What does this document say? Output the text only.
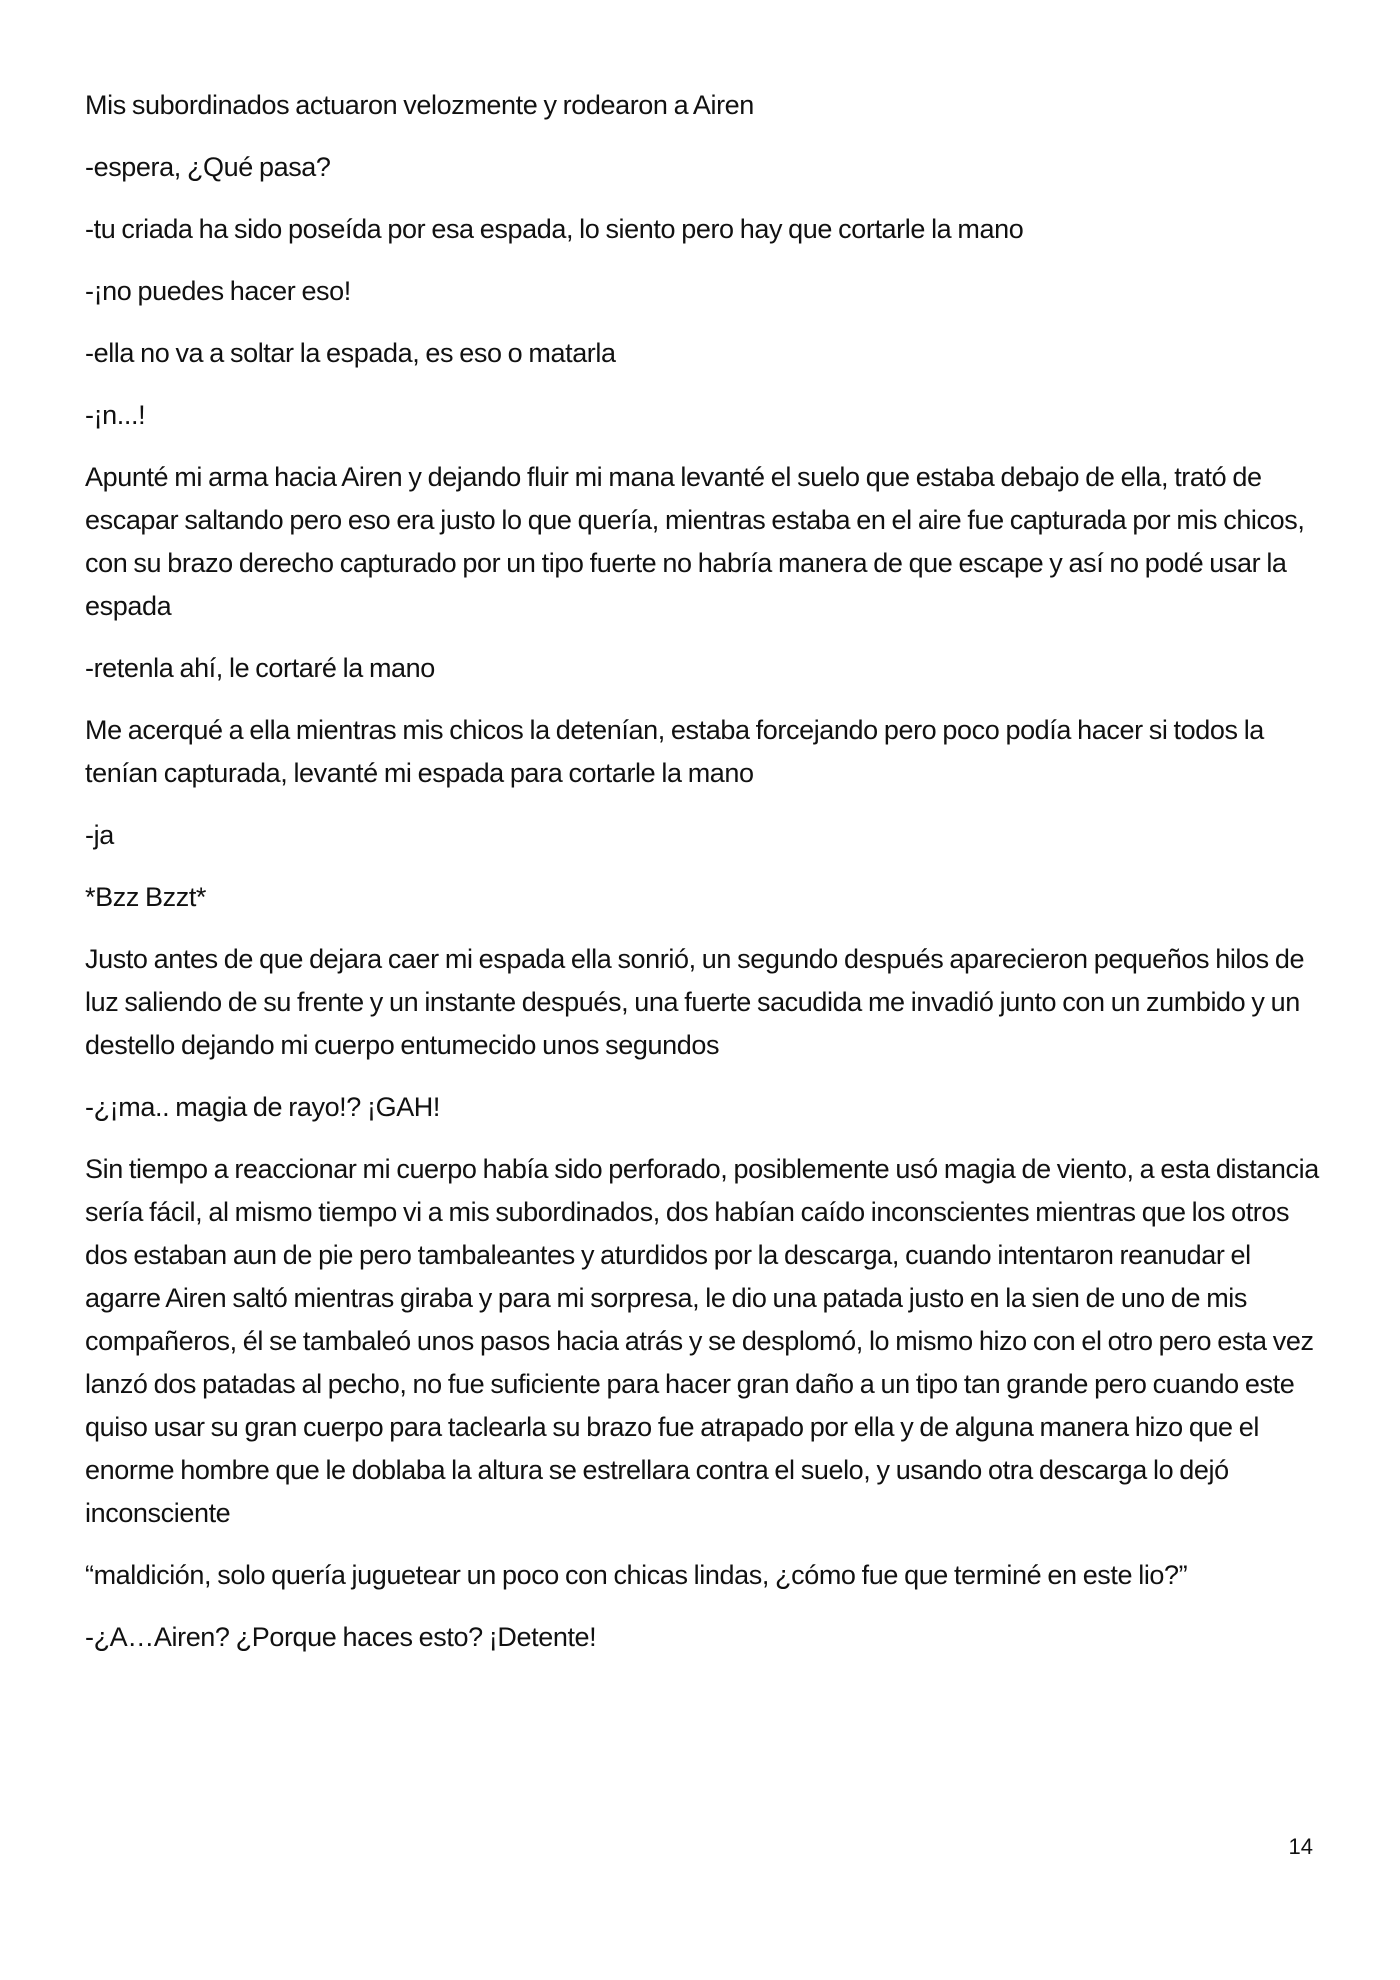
Mis subordinados actuaron velozmente y rodearon a Airen

-espera, ¿Qué pasa?

-tu criada ha sido poseída por esa espada, lo siento pero hay que cortarle la mano

-¡no puedes hacer eso!

-ella no va a soltar la espada, es eso o matarla

-¡n...!

Apunté mi arma hacia Airen y dejando fluir mi mana levanté el suelo que estaba debajo de ella, trató de escapar saltando pero eso era justo lo que quería, mientras estaba en el aire fue capturada por mis chicos, con su brazo derecho capturado por un tipo fuerte no habría manera de que escape y así no podé usar la espada

-retenla ahí, le cortaré la mano

Me acerqué a ella mientras mis chicos la detenían, estaba forcejando pero poco podía hacer si todos la tenían capturada, levanté mi espada para cortarle la mano

-ja

*Bzz Bzzt*

Justo antes de que dejara caer mi espada ella sonrió, un segundo después aparecieron pequeños hilos de luz saliendo de su frente y un instante después, una fuerte sacudida me invadió junto con un zumbido y un destello dejando mi cuerpo entumecido unos segundos

-¿¡ma.. magia de rayo!? ¡GAH!

Sin tiempo a reaccionar mi cuerpo había sido perforado, posiblemente usó magia de viento, a esta distancia sería fácil, al mismo tiempo vi a mis subordinados, dos habían caído inconscientes mientras que los otros dos estaban aun de pie pero tambaleantes y aturdidos por la descarga, cuando intentaron reanudar el agarre Airen saltó mientras giraba y para mi sorpresa, le dio una patada justo en la sien de uno de mis compañeros, él se tambaleó unos pasos hacia atrás y se desplomó, lo mismo hizo con el otro pero esta vez lanzó dos patadas al pecho, no fue suficiente para hacer gran daño a un tipo tan grande pero cuando este quiso usar su gran cuerpo para taclearla su brazo fue atrapado por ella y de alguna manera hizo que el enorme hombre que le doblaba la altura se estrellara contra el suelo, y usando otra descarga lo dejó inconsciente

“maldición, solo quería juguetear un poco con chicas lindas, ¿cómo fue que terminé en este lio?”

-¿A…Airen? ¿Porque haces esto? ¡Detente!

14
